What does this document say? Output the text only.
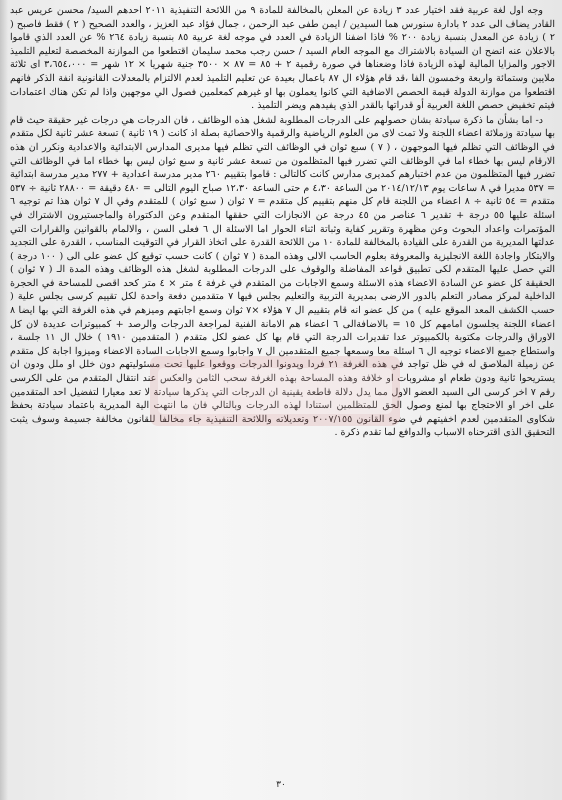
وجه اول لغة عربية فقد اختيار عدد ٣ زيادة عن المعلن بالمخالفة للمادة ٩ من اللائحة التنفيذية ٢٠١١ احدهم السيد/ محسن عريس عبد القادر يضاف الى عدد ٢ بادارة سنورس هما السيدين / ايمن طفى عبد الرحمن ، جمال فؤاد عبد العزيز ، والعدد الصحيح ( ٢ ) فقط فاصبح ( ٢ ) زيادة عن المعدل بنسبة زيادة ٢٠٠ % فاذا اضفنا الزيادة في العدد في موجه لغة عربية ٨٥ بنسبة زيادة ٢٦٤ % عن العدد الذي قاموا بالاعلان عنه اتضح ان السيادة بالاشتراك مع الموجه العام السيد / حسن رجب محمد سليمان اقتطعوا من الموازنة المخصصة لتعليم التلميذ الاجور والمزايا المالية لهذه الزيادة فاذا وضعناها في صورة رقمية ٢ + ٨٥ = ٨٧ × ٣٥٠٠ جنية شهريا × ١٢ شهر = ٣،٦٥٤،٠٠٠ اى ثلاثة ملايين وستمائة واربعة وخمسون الفا ،قد قام هؤلاء ال ٨٧ باعمال بعيدة عن تعليم التلميذ لعدم الالتزام بالمعدلات القانونية انفة الذكر فانهم اقتطعوا من موازنة الدولة قيمة الحصص الاضافية التي كانوا يعملون بها او غيرهم كمعلمين فصول الي موجهين واذا لم تكن هناك اعتمادات فيتم تخفيض حصص اللغة العربية أو قدراتها بالقدر الذي يفيدهم ويضر التلميذ .

د- اما بشأن ما ذكرة سيادتة بشان حصولهم على الدرجات المطلوبة لشغل هذه الوظائف ، فان الدرجات هي درجات غير حقيقة حيث قام بها سيادتة وزملائة اعضاء اللجنة ولا تمت لاى من العلوم الرياضية والرقمية والاحصائية بصلة اذ كانت ( ١٩ ثانية ) تسعة عشر ثانية لكل متقدم في الوظائف التي تظلم فيها الموجهون ، ( ٧ ) سبع ثوان في الوظائف التي تظلم فيها مديرى المدارس الابتدائية والاعدادية ونكرر ان هذه الارقام ليس بها خطاء اما في الوظائف التي تضرر فيها المتظلمون من تسعة عشر ثانية و سبع ثوان ليس بها خطاء اما في الوظائف التي تضرر فيها المتظلمون من عدم اختبارهم كمديرى مدارس كانت كالتالى : قاموا بتقييم ٢٦٠ مدير مدرسة اعدادية + ٢٧٧ مدير مدرسة ابتدائية = ٥٣٧ مديرا في ٨ ساعات يوم ٢٠١٤/١٢/١٣ من الساعة ٤،٣٠ م حتى الساعة ١٢،٣٠ صباح اليوم التالى = ٤٨٠ دقيقة = ٢٨٨٠٠ ثانية ÷ ٥٣٧ متقدم = ٥٤ ثانية ÷ ٨ اعضاء من اللجنة قام كل منهم بتقييم كل متقدم = ٧ ثوان ( سبع ثوان ) للمتقدم وفي ال ٧ ثوان هذا تم توجيه ٦ اسئلة عليها ٥٥ درجة + تقدير ٦ عناصر من ٤٥ درجة عن الانجازات التي حققها المتقدم وعن الدكتوراة والماجستيرون الاشتراك في المؤتمرات واعداد البحوث وعن مظهرة وتقرير كفاية وثباتة اثناء الحوار اما الاسئلة ال ٦ فعلى السن ، والالمام بالقوانين والقرارات التي عدلتها المديرية من القدرة على القيادة بالمخالفة للمادة ١٠ من اللائحة القدرة على اتخاذ القرار في التوقيت المناسب ، القدرة على التجديد والابتكار واجادة اللغة الانجليزية والمعروفة بعلوم الحاسب الالى وهذه المدة ( ٧ ثوان ) كانت حسب توقيع كل عضو على الى ( ١٠٠ درجة ) التي حصل عليها المتقدم لكى تطبيق قواعد المفاضلة والوقوف على الدرجات المطلوبة لشغل هذه الوظائف وهذه المدة الـ ( ٧ ثوان ) الحقيقة كل عضو عن السادة الاعضاء هذه الاسئلة وسمع الاجابات من المتقدم في غرفة ٤ متر × ٤ متر كحد اقصى للمساحة في الحجرة الداخلية لمركز مصادر التعلم بالدور الارضى بمديرية التربية والتعليم بجلس فيها ٧ متقدمين دفعة واحدة لكل تقييم كرسى بجلس علية ( حسب الكشف المعد الموقع عليه ) من كل عضو انه قام بتقييم ال ٧ هؤلاء ×٧ ثوان وسمع اجابتهم وميزهم في هذه الغرفة التي بها ايضا ٨ اعضاء اللجنة يجلسون امامهم كل ١٥ = بالاضافةالى ٦ اعضاء هم الامانة الفنية لمراجعة الدرجات والرصد + كمبيوترات عديدة لان كل الاوراق والدرجات مكتوبة بالكمبيوتر عدا تقديرات الدرجة التي قام بها كل عضو لكل متقدم ( المتقدمين ١٩١٠ ) خلال ال ١١ جلسة ، واستطاع جميع الاعضاء توجيه ال ٦ اسئلة معا وسمعها جميع المتقدمين ال ٧ واجابوا وسمع الاجابات السادة الاعضاء وميزوا اجابة كل متقدم عن زميلة الملاصق له في ظل تواجد في هذه الغرفة ٢١ فردا ويدونوا الدرجات ووقعوا عليها تحت مسئوليتهم دون خلل او ملل ودون ان يستريحوا ثانية ودون طعام او مشروبات او خلافة وهذه المساحة بهذه الغرفة سحب الثامن والعكس عند انتقال المتقدم من على الكرسى رقم ٧ اخر كرسى الى السيد العضو الاول مما يدل دلالة قاطعة يقينية ان الدرجات التي يذكرها سيادتة لا تعد معيارا لتفضيل احد المتقدمين على اخر او الاحتجاج بها لمنع وصول الحق للمتظلمين استنادا لهذه الدرجات وبالتالي فان ما انتهت الية المديرية باعتماد سيادتة بحفظ شكاوى المتقدمين لعدم اخفيتهم في ضوء القانون ٢٠٠٧/١٥٥ وتعديلاته واللائحة التنفيذية جاء مخالفا للقانون مخالفة جسيمة وسوف يثبت التحقيق الذى اقترحناه الاسباب والدوافع لما تقدم ذكرة .

٣٠
